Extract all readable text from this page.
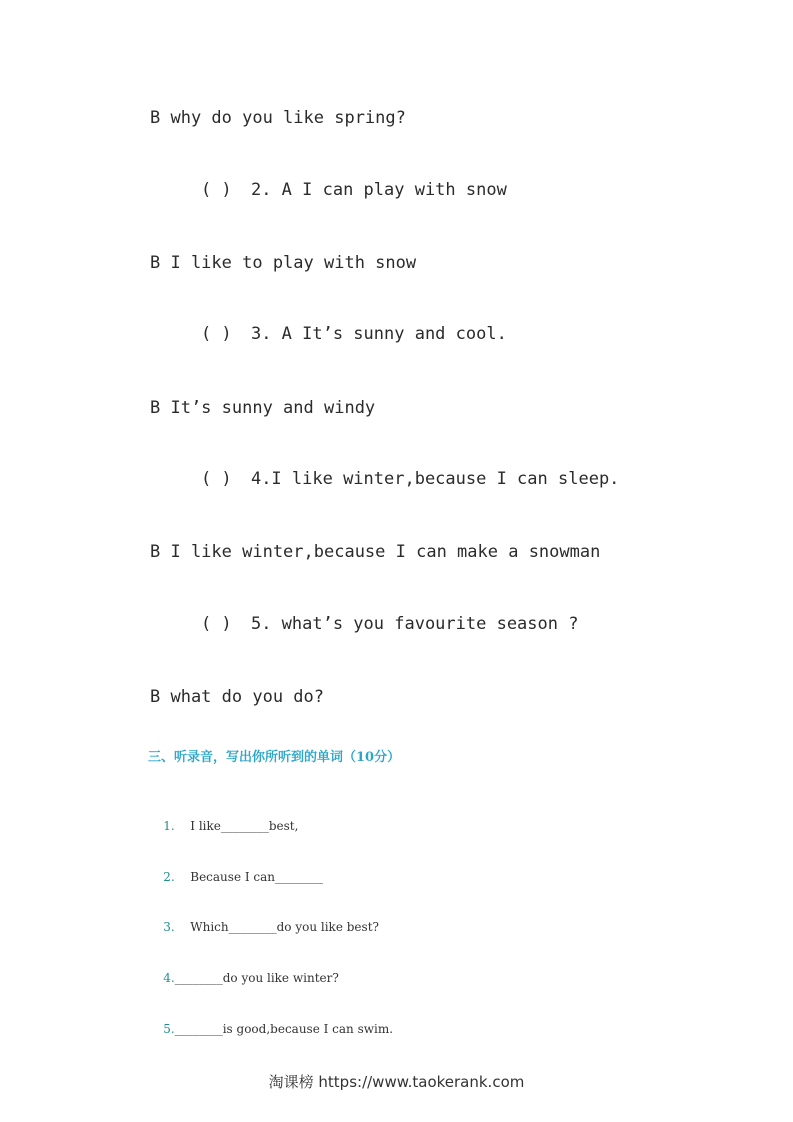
B why do you like spring?

( ) 2. A I can play with snow

B I like to play with snow

( ) 3. A It’s sunny and cool.

B It’s sunny and windy

( ) 4.I like winter,because I can sleep.

B I like winter,because I can make a snowman

( ) 5. what’s you favourite season ?

B what do you do?
三、听录音，写出你所听到的单词（10分）

1. I like________best,

2. Because I can________

3. Which________do you like best?

4.________do you like winter?

5.________is good,because I can swim.

淘课榜 https://www.taokerank.com
